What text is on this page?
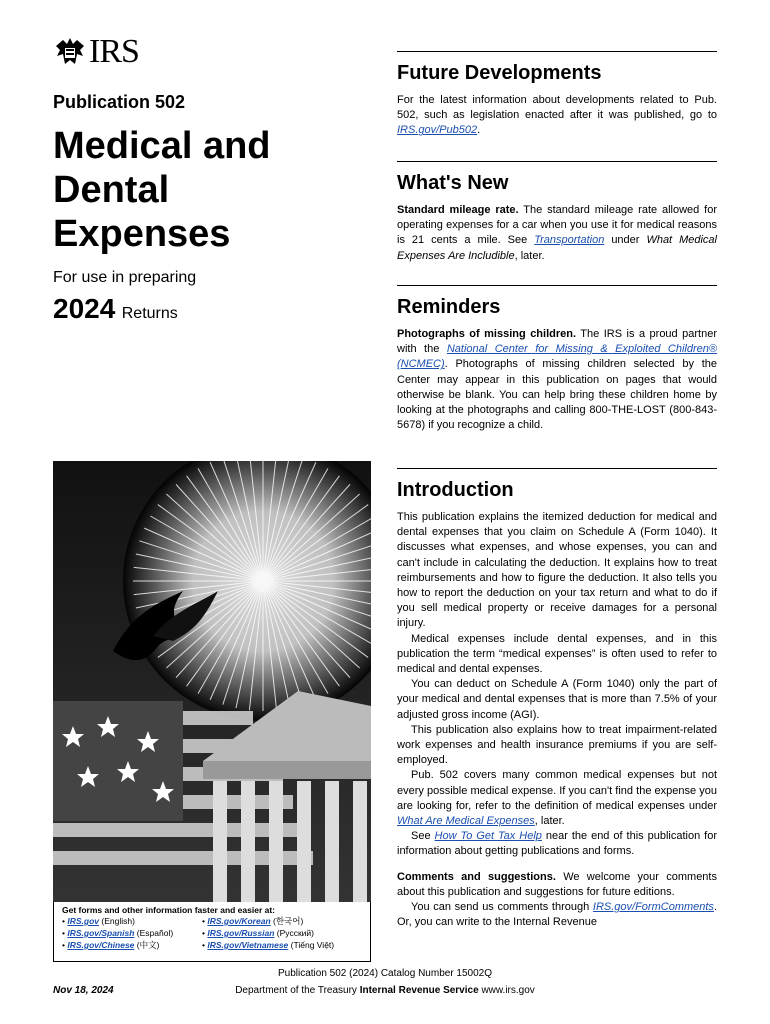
IRS
Publication 502
Medical and
Dental
Expenses
For use in preparing
2024 Returns
Get forms and other information faster and easier at:
• IRS.gov (English)
• IRS.gov/Spanish (Español)
• IRS.gov/Chinese (中文)
• IRS.gov/Korean (한국어)
• IRS.gov/Russian (Русский)
• IRS.gov/Vietnamese (Tiếng Việt)
Future Developments
For the latest information about developments related to Pub. 502, such as legislation enacted after it was published, go to IRS.gov/Pub502.
What's New
Standard mileage rate. The standard mileage rate allowed for operating expenses for a car when you use it for medical reasons is 21 cents a mile. See Transportation under What Medical Expenses Are Includible, later.
Reminders
Photographs of missing children. The IRS is a proud partner with the National Center for Missing & Exploited Children® (NCMEC). Photographs of missing children selected by the Center may appear in this publication on pages that would otherwise be blank. You can help bring these children home by looking at the photographs and calling 800-THE-LOST (800-843-5678) if you recognize a child.
Introduction
This publication explains the itemized deduction for medical and dental expenses that you claim on Schedule A (Form 1040). It discusses what expenses, and whose expenses, you can and can't include in calculating the deduction. It explains how to treat reimbursements and how to figure the deduction. It also tells you how to report the deduction on your tax return and what to do if you sell medical property or receive damages for a personal injury.
Medical expenses include dental expenses, and in this publication the term “medical expenses” is often used to refer to medical and dental expenses.
You can deduct on Schedule A (Form 1040) only the part of your medical and dental expenses that is more than 7.5% of your adjusted gross income (AGI).
This publication also explains how to treat impairment-related work expenses and health insurance premiums if you are self-employed.
Pub. 502 covers many common medical expenses but not every possible medical expense. If you can't find the expense you are looking for, refer to the definition of medical expenses under What Are Medical Expenses, later.
See How To Get Tax Help near the end of this publication for information about getting publications and forms.
Comments and suggestions. We welcome your comments about this publication and suggestions for future editions.
You can send us comments through IRS.gov/FormComments. Or, you can write to the Internal Revenue
Publication 502 (2024) Catalog Number 15002Q
Nov 18, 2024	Department of the Treasury Internal Revenue Service www.irs.gov
